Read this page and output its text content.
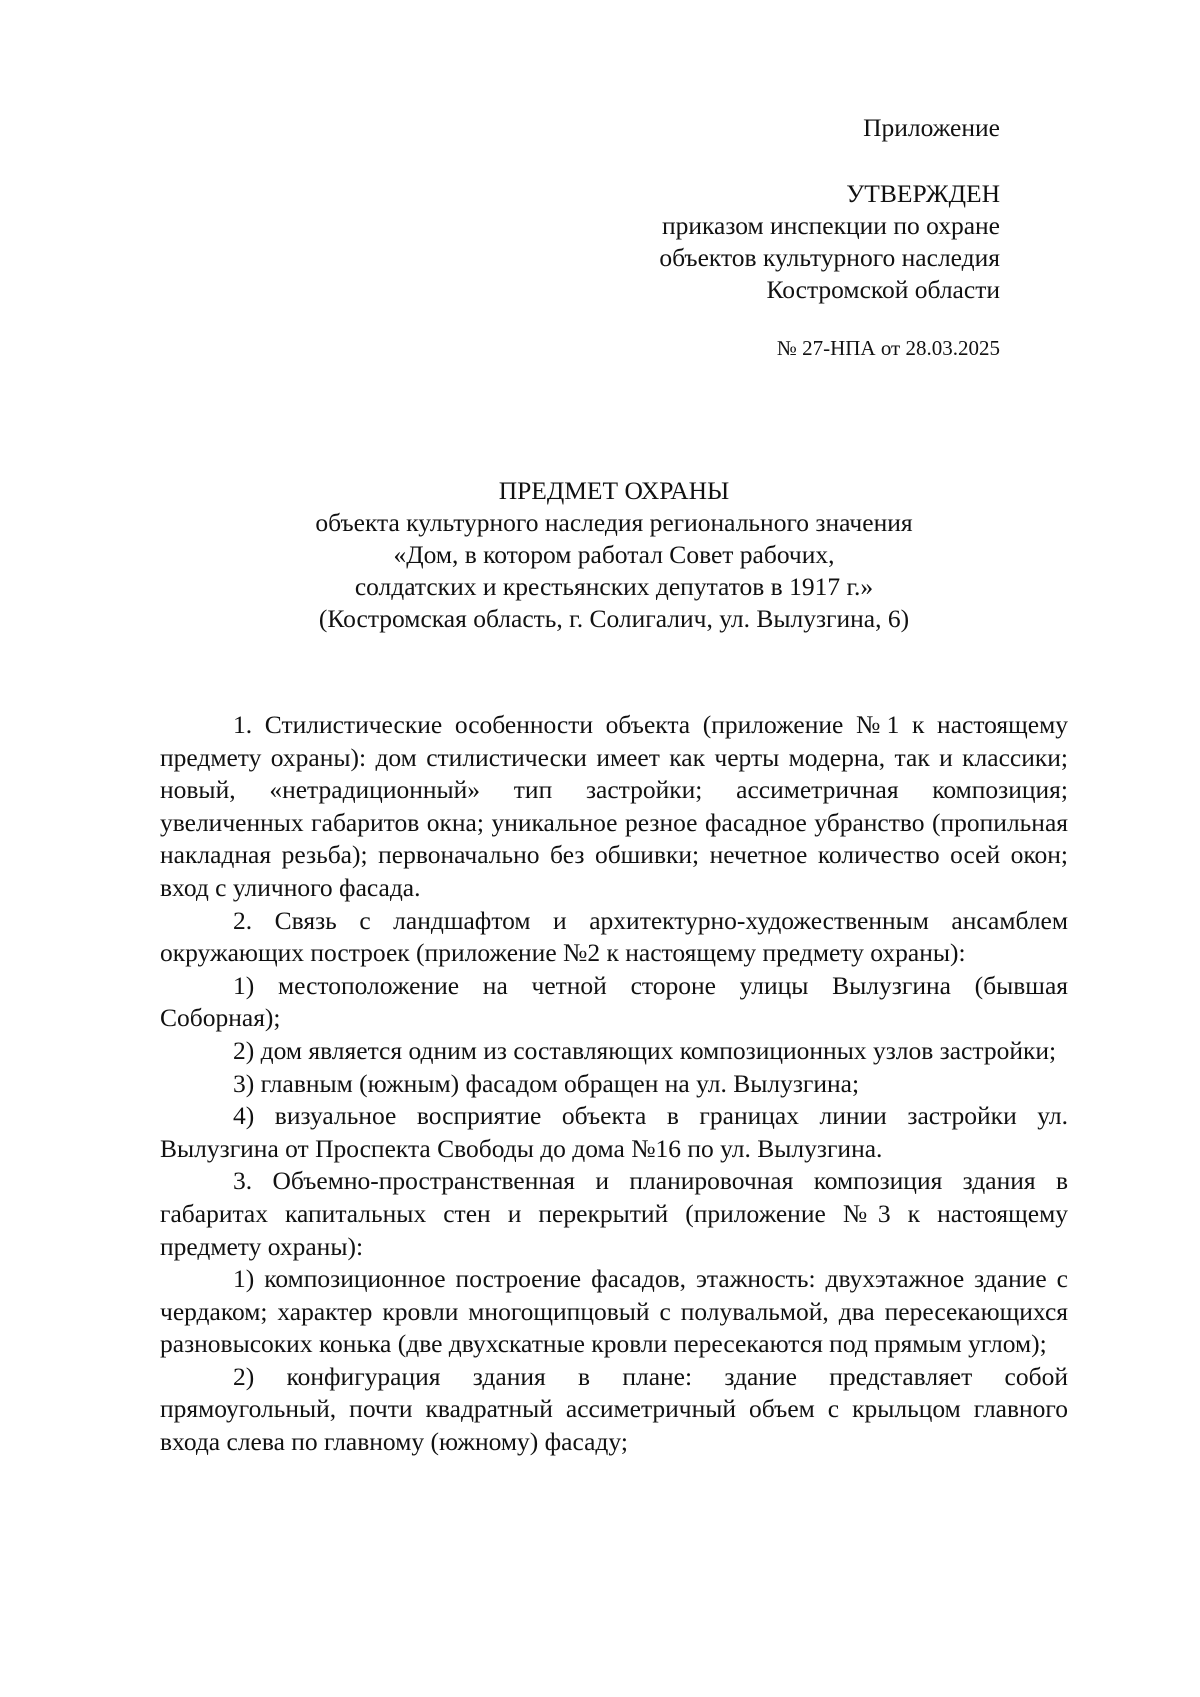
Приложение
УТВЕРЖДЕН
приказом инспекции по охране
объектов культурного наследия
Костромской области
№ 27-НПА от 28.03.2025
ПРЕДМЕТ ОХРАНЫ
объекта культурного наследия регионального значения
«Дом, в котором работал Совет рабочих,
солдатских и крестьянских депутатов в 1917 г.»
(Костромская область, г. Солигалич, ул. Вылузгина, 6)

1. Стилистические особенности объекта (приложение №1 к настоящему предмету охраны): дом стилистически имеет как черты модерна, так и классики; новый, «нетрадиционный» тип застройки; ассиметричная композиция; увеличенных габаритов окна; уникальное резное фасадное убранство (пропильная накладная резьба); первоначально без обшивки; нечетное количество осей окон; вход с уличного фасада.

2. Связь с ландшафтом и архитектурно-художественным ансамблем окружающих построек (приложение №2 к настоящему предмету охраны):

1) местоположение на четной стороне улицы Вылузгина (бывшая Соборная);

2) дом является одним из составляющих композиционных узлов застройки;

3) главным (южным) фасадом обращен на ул. Вылузгина;

4) визуальное восприятие объекта в границах линии застройки ул. Вылузгина от Проспекта Свободы до дома №16 по ул. Вылузгина.

3. Объемно-пространственная и планировочная композиция здания в габаритах капитальных стен и перекрытий (приложение №3 к настоящему предмету охраны):

1) композиционное построение фасадов, этажность: двухэтажное здание с чердаком; характер кровли многощипцовый с полувальмой, два пересекающихся разновысоких конька (две двухскатные кровли пересекаются под прямым углом);

2) конфигурация здания в плане: здание представляет собой прямоугольный, почти квадратный ассиметричный объем с крыльцом главного входа слева по главному (южному) фасаду;
